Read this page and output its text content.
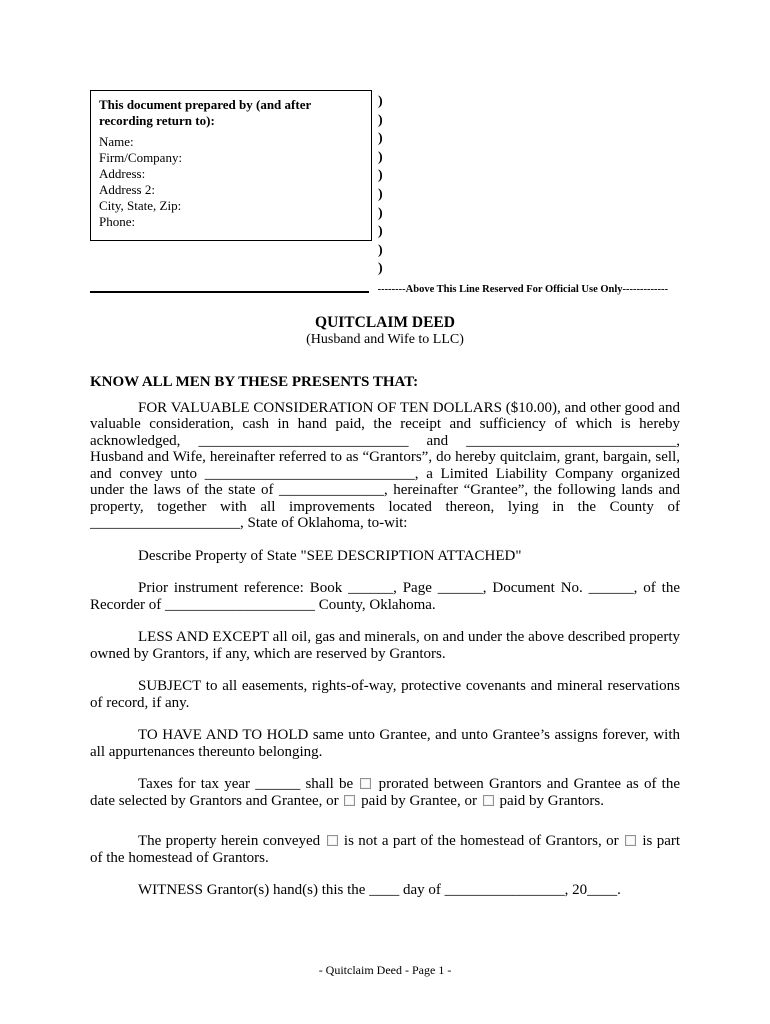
This document prepared by (and after recording return to):
Name:
Firm/Company:
Address:
Address 2:
City, State, Zip:
Phone:
)
)
)
)
)
)
)
)
)
)
--------Above This Line Reserved For Official Use Only-------------
QUITCLAIM DEED
(Husband and Wife to LLC)
KNOW ALL MEN BY THESE PRESENTS THAT:

FOR VALUABLE CONSIDERATION OF TEN DOLLARS ($10.00), and other good and valuable consideration, cash in hand paid, the receipt and sufficiency of which is hereby acknowledged, ____________________________ and ____________________________, Husband and Wife, hereinafter referred to as “Grantors”, do hereby quitclaim, grant, bargain, sell, and convey unto ____________________________, a Limited Liability Company organized under the laws of the state of ______________, hereinafter “Grantee”, the following lands and property, together with all improvements located thereon, lying in the County of ____________________, State of Oklahoma, to-wit:

Describe Property of State "SEE DESCRIPTION ATTACHED"

Prior instrument reference: Book ______, Page ______, Document No. ______, of the Recorder of ____________________ County, Oklahoma.

LESS AND EXCEPT all oil, gas and minerals, on and under the above described property owned by Grantors, if any, which are reserved by Grantors.

SUBJECT to all easements, rights-of-way, protective covenants and mineral reservations of record, if any.

TO HAVE AND TO HOLD same unto Grantee, and unto Grantee’s assigns forever, with all appurtenances thereunto belonging.

Taxes for tax year ______ shall be  prorated between Grantors and Grantee as of the date selected by Grantors and Grantee, or  paid by Grantee, or  paid by Grantors.

The property herein conveyed  is not a part of the homestead of Grantors, or  is part of the homestead of Grantors.

WITNESS Grantor(s) hand(s) this the ____ day of ________________, 20____.

- Quitclaim Deed - Page 1 -
